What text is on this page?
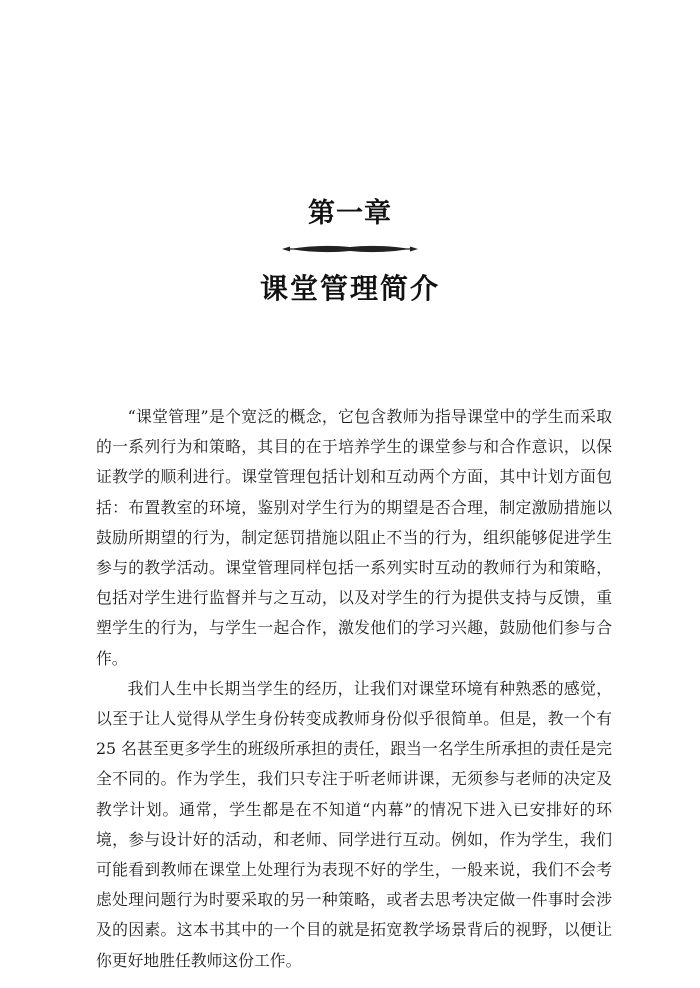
第一章
课堂管理简介

“课堂管理”是个宽泛的概念，它包含教师为指导课堂中的学生而采取的一系列行为和策略，其目的在于培养学生的课堂参与和合作意识，以保证教学的顺利进行。课堂管理包括计划和互动两个方面，其中计划方面包括：布置教室的环境，鉴别对学生行为的期望是否合理，制定激励措施以鼓励所期望的行为，制定惩罚措施以阻止不当的行为，组织能够促进学生参与的教学活动。课堂管理同样包括一系列实时互动的教师行为和策略，包括对学生进行监督并与之互动，以及对学生的行为提供支持与反馈，重塑学生的行为，与学生一起合作，激发他们的学习兴趣，鼓励他们参与合作。

我们人生中长期当学生的经历，让我们对课堂环境有种熟悉的感觉，以至于让人觉得从学生身份转变成教师身份似乎很简单。但是，教一个有 25 名甚至更多学生的班级所承担的责任，跟当一名学生所承担的责任是完全不同的。作为学生，我们只专注于听老师讲课，无须参与老师的决定及教学计划。通常，学生都是在不知道“内幕”的情况下进入已安排好的环境，参与设计好的活动，和老师、同学进行互动。例如，作为学生，我们可能看到教师在课堂上处理行为表现不好的学生，一般来说，我们不会考虑处理问题行为时要采取的另一种策略，或者去思考决定做一件事时会涉及的因素。这本书其中的一个目的就是拓宽教学场景背后的视野，以便让你更好地胜任教师这份工作。
